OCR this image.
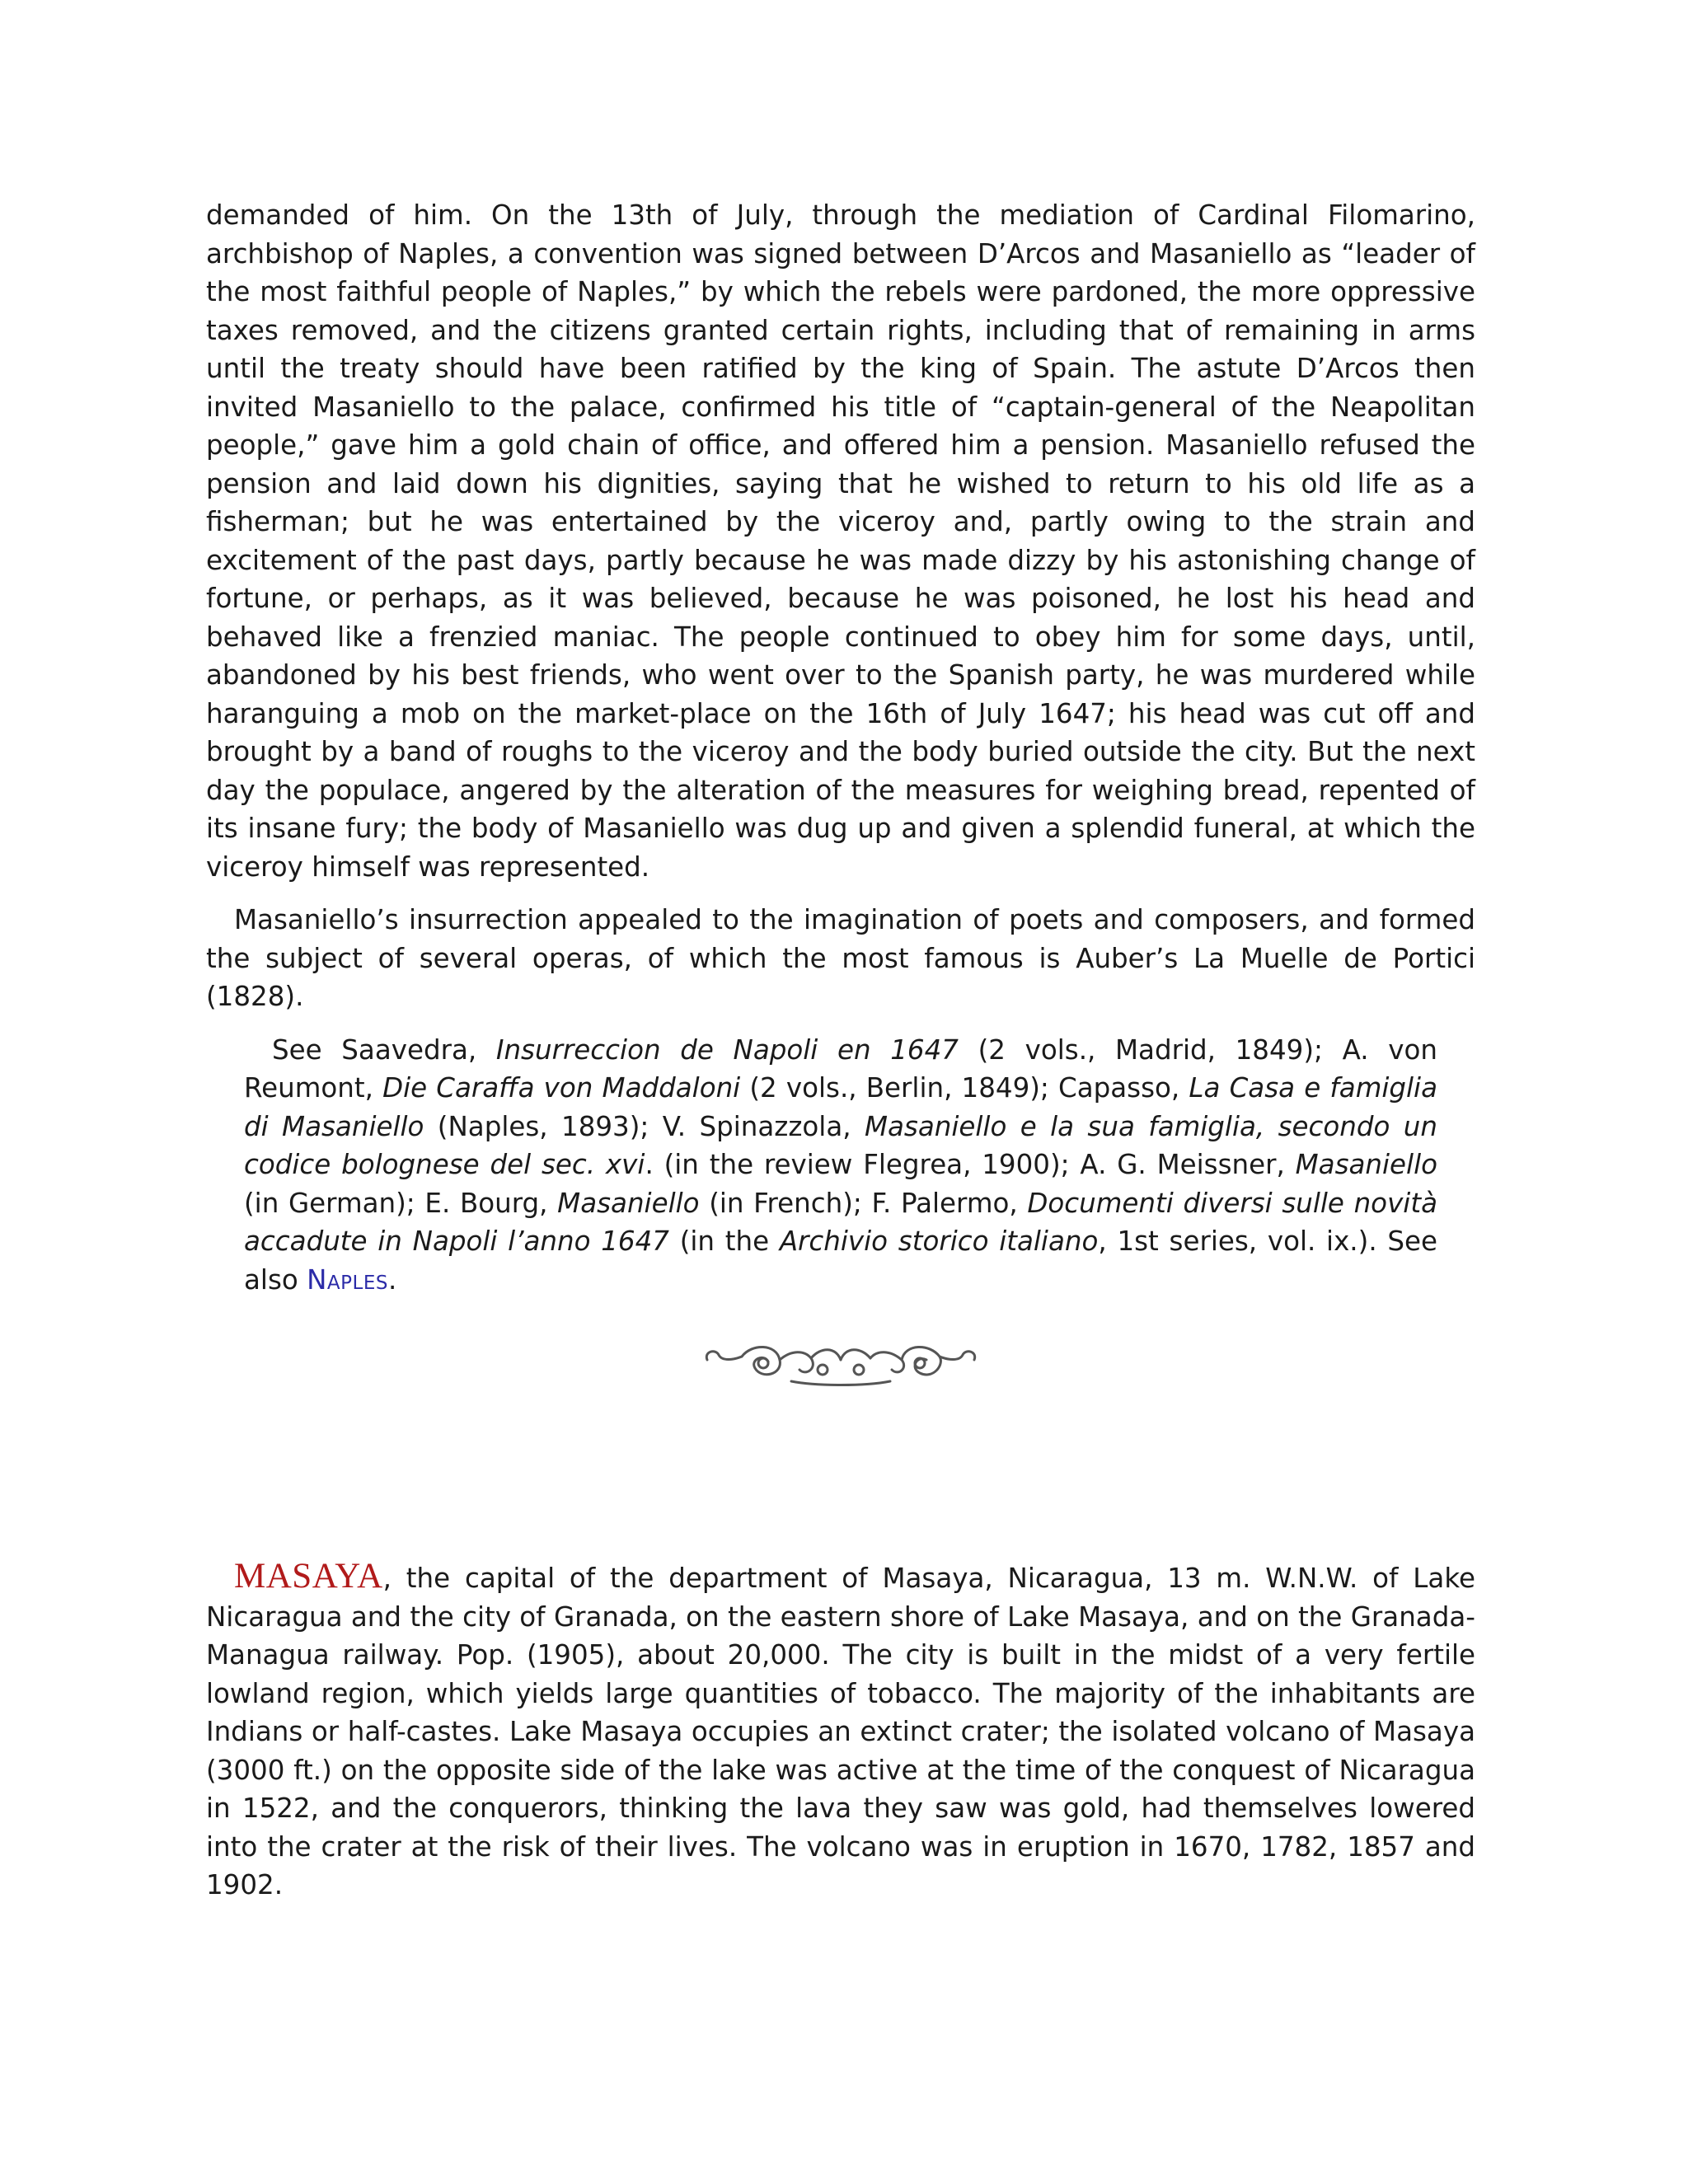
demanded of him. On the 13th of July, through the mediation of Cardinal Filomarino, archbishop of Naples, a convention was signed between D’Arcos and Masaniello as “leader of the most faithful people of Naples,” by which the rebels were pardoned, the more oppressive taxes removed, and the citizens granted certain rights, including that of remaining in arms until the treaty should have been ratified by the king of Spain. The astute D’Arcos then invited Masaniello to the palace, confirmed his title of “captain-general of the Neapolitan people,” gave him a gold chain of office, and offered him a pension. Masaniello refused the pension and laid down his dignities, saying that he wished to return to his old life as a fisherman; but he was entertained by the viceroy and, partly owing to the strain and excitement of the past days, partly because he was made dizzy by his astonishing change of fortune, or perhaps, as it was believed, because he was poisoned, he lost his head and behaved like a frenzied maniac. The people continued to obey him for some days, until, abandoned by his best friends, who went over to the Spanish party, he was murdered while haranguing a mob on the market-place on the 16th of July 1647; his head was cut off and brought by a band of roughs to the viceroy and the body buried outside the city. But the next day the populace, angered by the alteration of the measures for weighing bread, repented of its insane fury; the body of Masaniello was dug up and given a splendid funeral, at which the viceroy himself was represented.

Masaniello’s insurrection appealed to the imagination of poets and composers, and formed the subject of several operas, of which the most famous is Auber’s La Muelle de Portici (1828).

See Saavedra, Insurreccion de Napoli en 1647 (2 vols., Madrid, 1849); A. von Reumont, Die Caraffa von Maddaloni (2 vols., Berlin, 1849); Capasso, La Casa e famiglia di Masaniello (Naples, 1893); V. Spinazzola, Masaniello e la sua famiglia, secondo un codice bolognese del sec. xvi. (in the review Flegrea, 1900); A. G. Meissner, Masaniello (in German); E. Bourg, Masaniello (in French); F. Palermo, Documenti diversi sulle novità accadute in Napoli l’anno 1647 (in the Archivio storico italiano, 1st series, vol. ix.). See also Naples.

MASAYA, the capital of the department of Masaya, Nicaragua, 13 m. W.N.W. of Lake Nicaragua and the city of Granada, on the eastern shore of Lake Masaya, and on the Granada-Managua railway. Pop. (1905), about 20,000. The city is built in the midst of a very fertile lowland region, which yields large quantities of tobacco. The majority of the inhabitants are Indians or half-castes. Lake Masaya occupies an extinct crater; the isolated volcano of Masaya (3000 ft.) on the opposite side of the lake was active at the time of the conquest of Nicaragua in 1522, and the conquerors, thinking the lava they saw was gold, had themselves lowered into the crater at the risk of their lives. The volcano was in eruption in 1670, 1782, 1857 and 1902.
